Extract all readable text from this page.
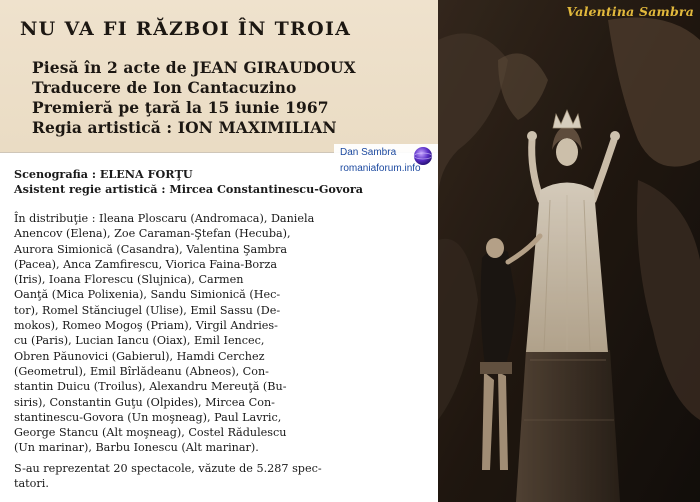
NU VA FI RĂZBOI ÎN TROIA
Piesă în 2 acte de JEAN GIRAUDOUX
Traducere de Ion Cantacuzino
Premieră pe ţară la 15 iunie 1967
Regia artistică : ION MAXIMILIAN
Scenografia : ELENA FORŢU
Asistent regie artistică : Mircea Constantinescu-Govora
În distribuţie : Ileana Ploscaru (Andromaca), Daniela
Anencov (Elena), Zoe Caraman-Ştefan (Hecuba),
Aurora Simionică (Casandra), Valentina Şambra
(Pacea), Anca Zamfirescu, Viorica Faina-Borza
(Iris), Ioana Florescu (Slujnica), Carmen
Oanţă (Mica Polixenia), Sandu Simionică (Hec-
tor), Romel Stănciugel (Ulise), Emil Sassu (De-
mokos), Romeo Mogoş (Priam), Virgil Andries-
cu (Paris), Lucian Iancu (Oiax), Emil Iencec,
Obren Păunovici (Gabierul), Hamdi Cerchez
(Geometrul), Emil Bîrlădeanu (Abneos), Con-
stantin Duicu (Troilus), Alexandru Mereuţă (Bu-
siris), Constantin Guţu (Olpides), Mircea Con-
stantinescu-Govora (Un moşneag), Paul Lavric,
George Stancu (Alt moşneag), Costel Rădulescu
(Un marinar), Barbu Ionescu (Alt marinar).
S-au reprezentat 20 spectacole, văzute de 5.287 spec-
tatori.
Dan Sambra
romaniaforum.info
Valentina Sambra
